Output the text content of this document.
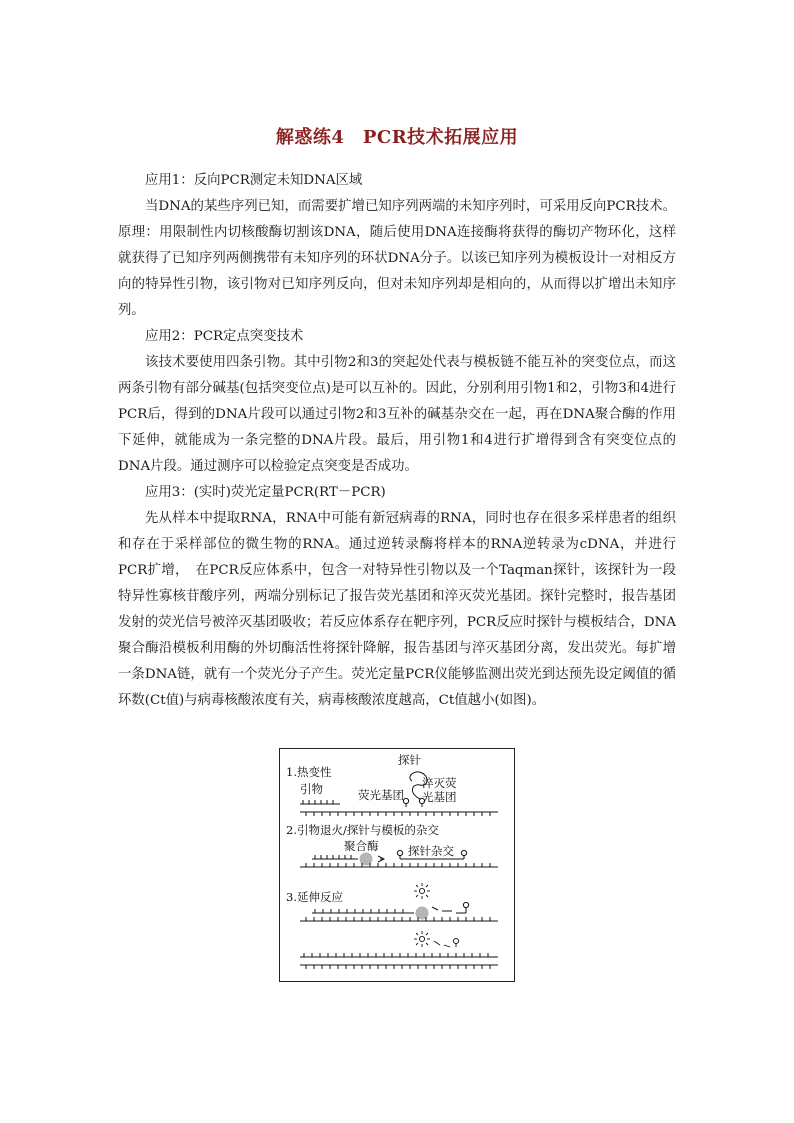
解惑练4　PCR技术拓展应用

应用1：反向PCR测定未知DNA区域

当DNA的某些序列已知，而需要扩增已知序列两端的未知序列时，可采用反向PCR技术。原理：用限制性内切核酸酶切割该DNA，随后使用DNA连接酶将获得的酶切产物环化，这样就获得了已知序列两侧携带有未知序列的环状DNA分子。以该已知序列为模板设计一对相反方向的特异性引物，该引物对已知序列反向，但对未知序列却是相向的，从而得以扩增出未知序列。

应用2：PCR定点突变技术

该技术要使用四条引物。其中引物2和3的突起处代表与模板链不能互补的突变位点，而这两条引物有部分碱基(包括突变位点)是可以互补的。因此，分别利用引物1和2，引物3和4进行PCR后，得到的DNA片段可以通过引物2和3互补的碱基杂交在一起，再在DNA聚合酶的作用下延伸，就能成为一条完整的DNA片段。最后，用引物1和4进行扩增得到含有突变位点的DNA片段。通过测序可以检验定点突变是否成功。

应用3：(实时)荧光定量PCR(RT－PCR)

先从样本中提取RNA，RNA中可能有新冠病毒的RNA，同时也存在很多采样患者的组织和存在于采样部位的微生物的RNA。通过逆转录酶将样本的RNA逆转录为cDNA，并进行PCR扩增，　在PCR反应体系中，包含一对特异性引物以及一个Taqman探针，该探针为一段特异性寡核苷酸序列，两端分别标记了报告荧光基团和淬灭荧光基团。探针完整时，报告基团发射的荧光信号被淬灭基团吸收；若反应体系存在靶序列，PCR反应时探针与模板结合，DNA聚合酶沿模板利用酶的外切酶活性将探针降解，报告基团与淬灭基团分离，发出荧光。每扩增一条DNA链，就有一个荧光分子产生。荧光定量PCR仪能够监测出荧光到达预先设定阈值的循环数(Ct值)与病毒核酸浓度有关，病毒核酸浓度越高，Ct值越小(如图)。

1.热变性
探针
引物	淬灭荧
光基团
荧光基团
2.引物退火/探针与模板的杂交
聚合酶	探针杂交
3.延伸反应
